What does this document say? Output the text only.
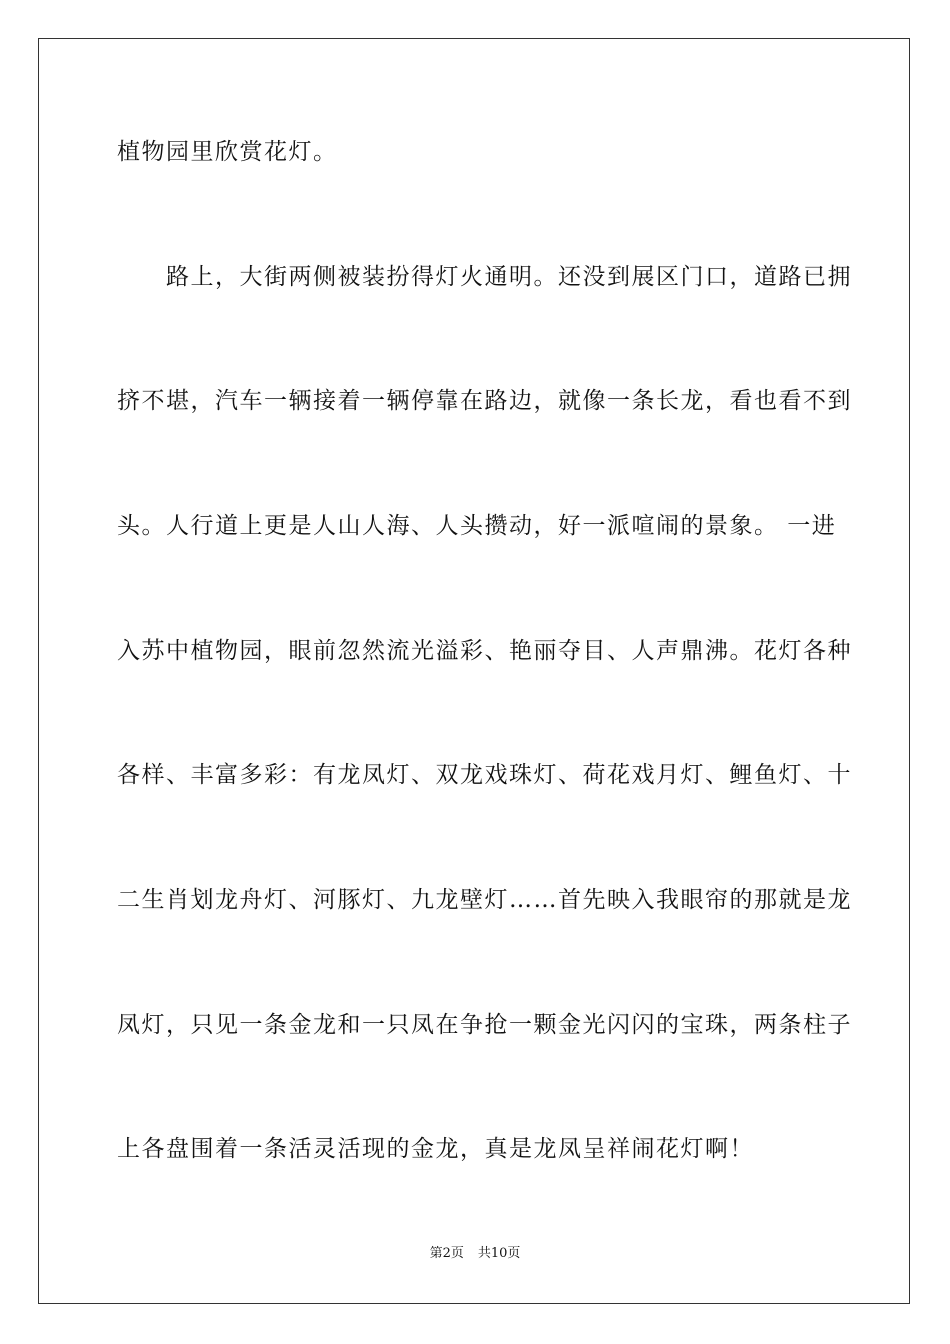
植物园里欣赏花灯。
　　路上，大街两侧被装扮得灯火通明。还没到展区门口，道路已拥
挤不堪，汽车一辆接着一辆停靠在路边，就像一条长龙，看也看不到
头。人行道上更是人山人海、人头攒动，好一派喧闹的景象。 一进
入苏中植物园，眼前忽然流光溢彩、艳丽夺目、人声鼎沸。花灯各种
各样、丰富多彩：有龙凤灯、双龙戏珠灯、荷花戏月灯、鲤鱼灯、十
二生肖划龙舟灯、河豚灯、九龙壁灯……首先映入我眼帘的那就是龙
凤灯，只见一条金龙和一只凤在争抢一颗金光闪闪的宝珠，两条柱子
上各盘围着一条活灵活现的金龙，真是龙凤呈祥闹花灯啊！
第2页 共10页
